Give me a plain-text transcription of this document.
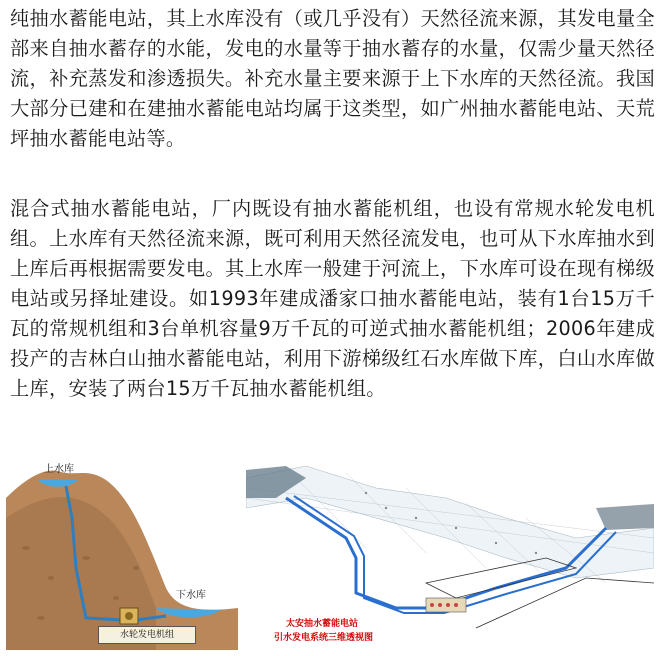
纯抽水蓄能电站，其上水库没有（或几乎没有）天然径流来源，其发电量全部来自抽水蓄存的水能，发电的水量等于抽水蓄存的水量，仅需少量天然径流，补充蒸发和渗透损失。补充水量主要来源于上下水库的天然径流。我国大部分已建和在建抽水蓄能电站均属于这类型，如广州抽水蓄能电站、天荒坪抽水蓄能电站等。

混合式抽水蓄能电站，厂内既设有抽水蓄能机组，也设有常规水轮发电机组。上水库有天然径流来源，既可利用天然径流发电，也可从下水库抽水到上库后再根据需要发电。其上水库一般建于河流上，下水库可设在现有梯级电站或另择址建设。如1993年建成潘家口抽水蓄能电站，装有1台15万千瓦的常规机组和3台单机容量9万千瓦的可逆式抽水蓄能机组；2006年建成投产的吉林白山抽水蓄能电站，利用下游梯级红石水库做下库，白山水库做上库，安装了两台15万千瓦抽水蓄能机组。

上水库
下水库
水轮发电机组
太安抽水蓄能电站
引水发电系统三维透视图
